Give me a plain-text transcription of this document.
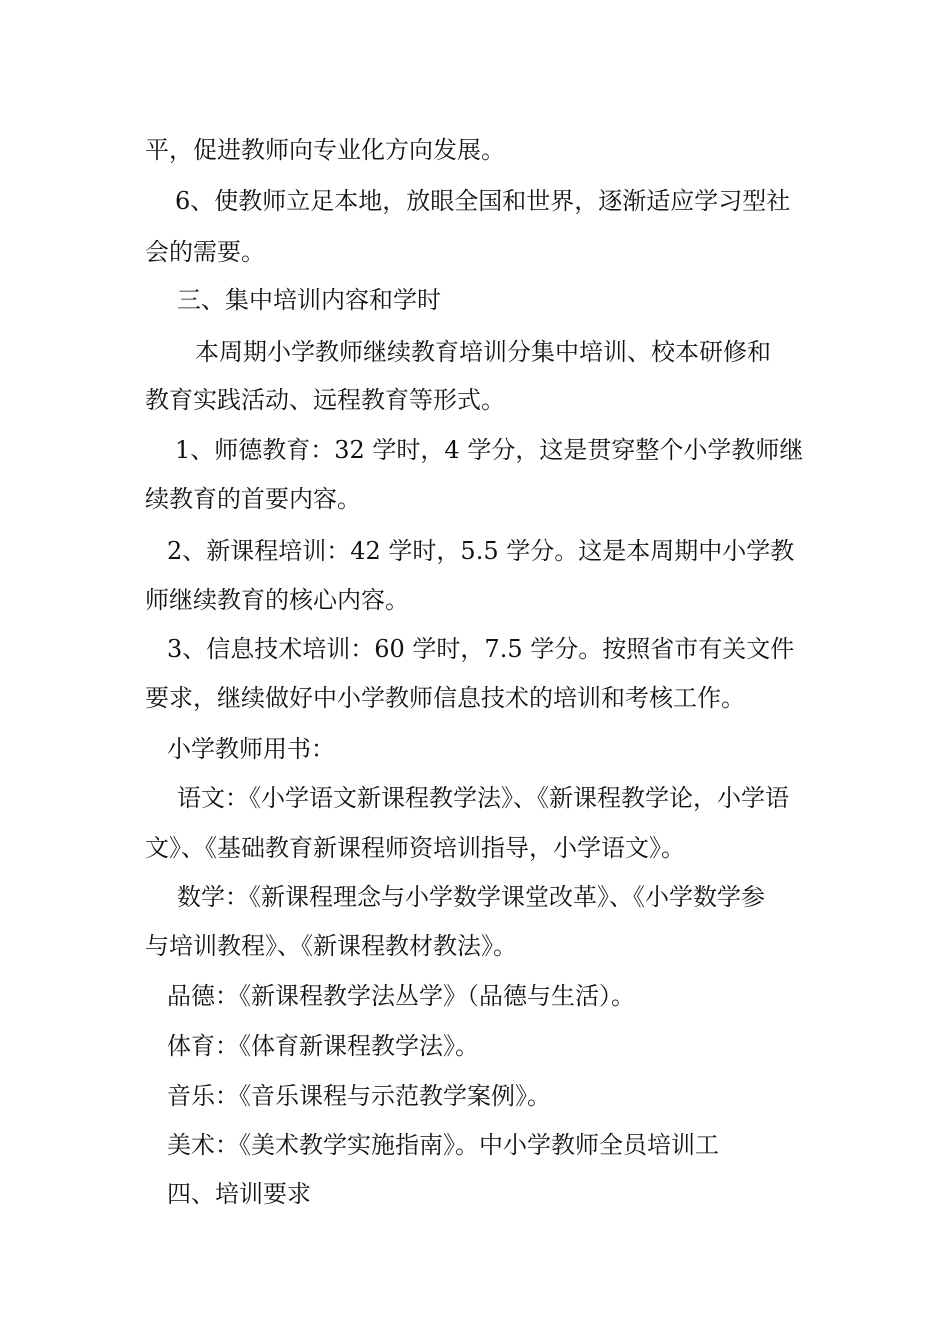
平，促进教师向专业化方向发展。
6、使教师立足本地，放眼全国和世界，逐渐适应学习型社
会的需要。
三、集中培训内容和学时
本周期小学教师继续教育培训分集中培训、校本研修和
教育实践活动、远程教育等形式。
1、师德教育：32 学时，4 学分，这是贯穿整个小学教师继
续教育的首要内容。
2、新课程培训：42 学时，5.5 学分。这是本周期中小学教
师继续教育的核心内容。
3、信息技术培训：60 学时，7.5 学分。按照省市有关文件
要求，继续做好中小学教师信息技术的培训和考核工作。
小学教师用书：
语文：《小学语文新课程教学法》、《新课程教学论，小学语
文》、《基础教育新课程师资培训指导，小学语文》。
数学：《新课程理念与小学数学课堂改革》、《小学数学参
与培训教程》、《新课程教材教法》。
品德：《新课程教学法丛学》（品德与生活）。
体育：《体育新课程教学法》。
音乐：《音乐课程与示范教学案例》。
美术：《美术教学实施指南》。中小学教师全员培训工
四、培训要求
